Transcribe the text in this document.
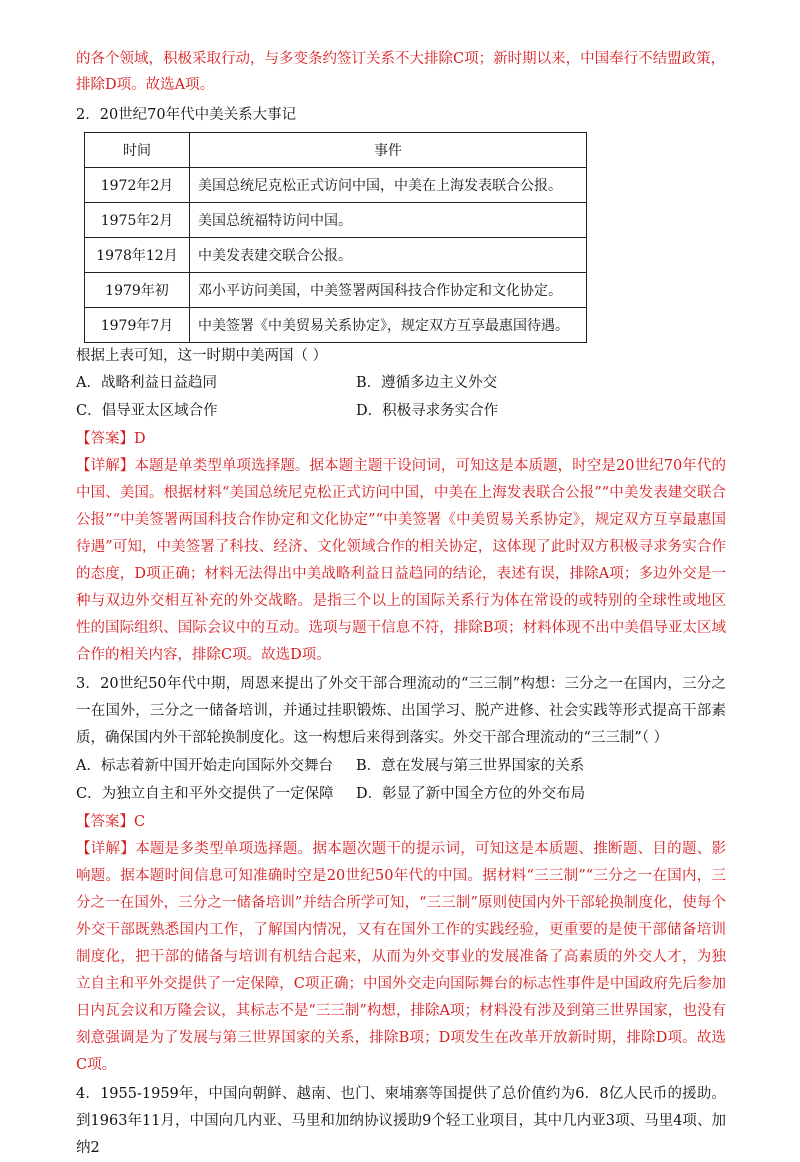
的各个领域，积极采取行动，与多变条约签订关系不大排除C项；新时期以来，中国奉行不结盟政策，
排除D项。故选A项。
2．20世纪70年代中美关系大事记
时间	事件
1972年2月	美国总统尼克松正式访问中国，中美在上海发表联合公报。
1975年2月	美国总统福特访问中国。
1978年12月	中美发表建交联合公报。
1979年初	邓小平访问美国，中美签署两国科技合作协定和文化协定。
1979年7月	中美签署《中美贸易关系协定》，规定双方互享最惠国待遇。
根据上表可知，这一时期中美两国（ ）
A．战略利益日益趋同	B．遵循多边主义外交
C．倡导亚太区域合作	D．积极寻求务实合作
【答案】D
【详解】本题是单类型单项选择题。据本题主题干设问词，可知这是本质题，时空是20世纪70年代的中国、美国。根据材料“美国总统尼克松正式访问中国，中美在上海发表联合公报”“中美发表建交联合公报”“中美签署两国科技合作协定和文化协定”“中美签署《中美贸易关系协定》，规定双方互享最惠国待遇”可知，中美签署了科技、经济、文化领域合作的相关协定，这体现了此时双方积极寻求务实合作的态度，D项正确；材料无法得出中美战略利益日益趋同的结论，表述有误，排除A项；多边外交是一种与双边外交相互补充的外交战略。是指三个以上的国际关系行为体在常设的或特别的全球性或地区性的国际组织、国际会议中的互动。选项与题干信息不符，排除B项；材料体现不出中美倡导亚太区域合作的相关内容，排除C项。故选D项。
3．20世纪50年代中期，周恩来提出了外交干部合理流动的“三三制”构想：三分之一在国内，三分之一在国外，三分之一储备培训，并通过挂职锻炼、出国学习、脱产进修、社会实践等形式提高干部素质，确保国内外干部轮换制度化。这一构想后来得到落实。外交干部合理流动的“三三制”（ ）
A．标志着新中国开始走向国际外交舞台	B．意在发展与第三世界国家的关系
C．为独立自主和平外交提供了一定保障	D．彰显了新中国全方位的外交布局
【答案】C
【详解】本题是多类型单项选择题。据本题次题干的提示词，可知这是本质题、推断题、目的题、影响题。据本题时间信息可知准确时空是20世纪50年代的中国。据材料“三三制”“三分之一在国内，三分之一在国外，三分之一储备培训”并结合所学可知，“三三制”原则使国内外干部轮换制度化，使每个外交干部既熟悉国内工作，了解国内情况，又有在国外工作的实践经验，更重要的是使干部储备培训制度化，把干部的储备与培训有机结合起来，从而为外交事业的发展准备了高素质的外交人才，为独立自主和平外交提供了一定保障，C项正确；中国外交走向国际舞台的标志性事件是中国政府先后参加日内瓦会议和万隆会议，其标志不是“三三制”构想，排除A项；材料没有涉及到第三世界国家，也没有刻意强调是为了发展与第三世界国家的关系，排除B项；D项发生在改革开放新时期，排除D项。故选C项。
4．1955-1959年，中国向朝鲜、越南、也门、柬埔寨等国提供了总价值约为6．8亿人民币的援助。到1963年11月，中国向几内亚、马里和加纳协议援助9个轻工业项目，其中几内亚3项、马里4项、加纳2
